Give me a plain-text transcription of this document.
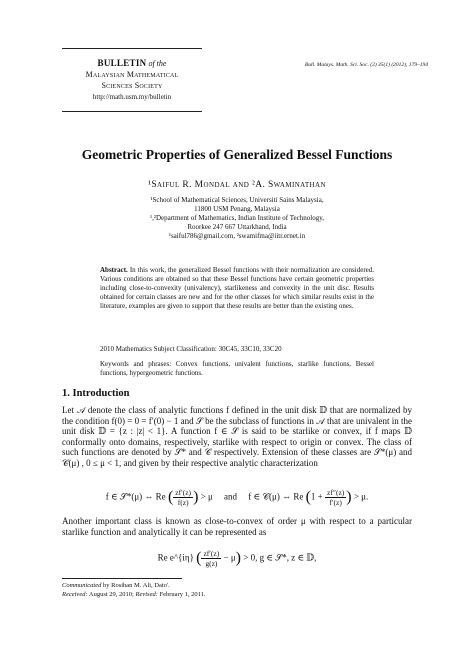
BULLETIN of the
Malaysian Mathematical
Sciences Society
http://math.usm.my/bulletin
Bull. Malays. Math. Sci. Soc. (2) 35(1) (2012), 179–194
Geometric Properties of Generalized Bessel Functions
¹Saiful R. Mondal and ²A. Swaminathan
¹School of Mathematical Sciences, Universiti Sains Malaysia,
11800 USM Penang, Malaysia
¹,²Department of Mathematics, Indian Institute of Technology,
Roorkee 247 667 Uttarkhand, India
¹saiful786@gmail.com, ²swamifma@iitr.ernet.in
Abstract. In this work, the generalized Bessel functions with their normalization are considered. Various conditions are obtained so that these Bessel functions have certain geometric properties including close-to-convexity (univalency), starlikeness and convexity in the unit disc. Results obtained for certain classes are new and for the other classes for which similar results exist in the literature, examples are given to support that these results are better than the existing ones.
2010 Mathematics Subject Classification: 30C45, 33C10, 33C20
Keywords and phrases: Convex functions, univalent functions, starlike functions, Bessel functions, hypergeometric functions.
1. Introduction
Let 𝒜 denote the class of analytic functions f defined in the unit disk 𝔻 that are normalized by the condition f(0) = 0 = f′(0) − 1 and 𝒮 be the subclass of functions in 𝒜 that are univalent in the unit disk 𝔻 = {z : |z| < 1}. A function f ∈ 𝒮 is said to be starlike or convex, if f maps 𝔻 conformally onto domains, respectively, starlike with respect to origin or convex. The class of such functions are denoted by 𝒮* and 𝒞 respectively. Extension of these classes are 𝒮*(μ) and 𝒞(μ) , 0 ≤ μ < 1, and given by their respective analytic characterization
f ∈ 𝒮*(μ) ⇔ Re ( $\frac{zf'(z)}{f(z)}$ ) > μ and f ∈ 𝒞(μ) ⇔ Re ($1 + \frac{zf''(z)}{f'(z)}$ ) > μ.
Another important class is known as close-to-convex of order μ with respect to a particular starlike function and analytically it can be represented as
Re e^{iη} ( $\frac{zf'(z)}{g(z)} - \mu) > 0$, g ∈ 𝒮*, z ∈ 𝔻,
Communicated by Rosihan M. Ali, Dato'.
Received: August 29, 2010; Revised: February 1, 2011.
